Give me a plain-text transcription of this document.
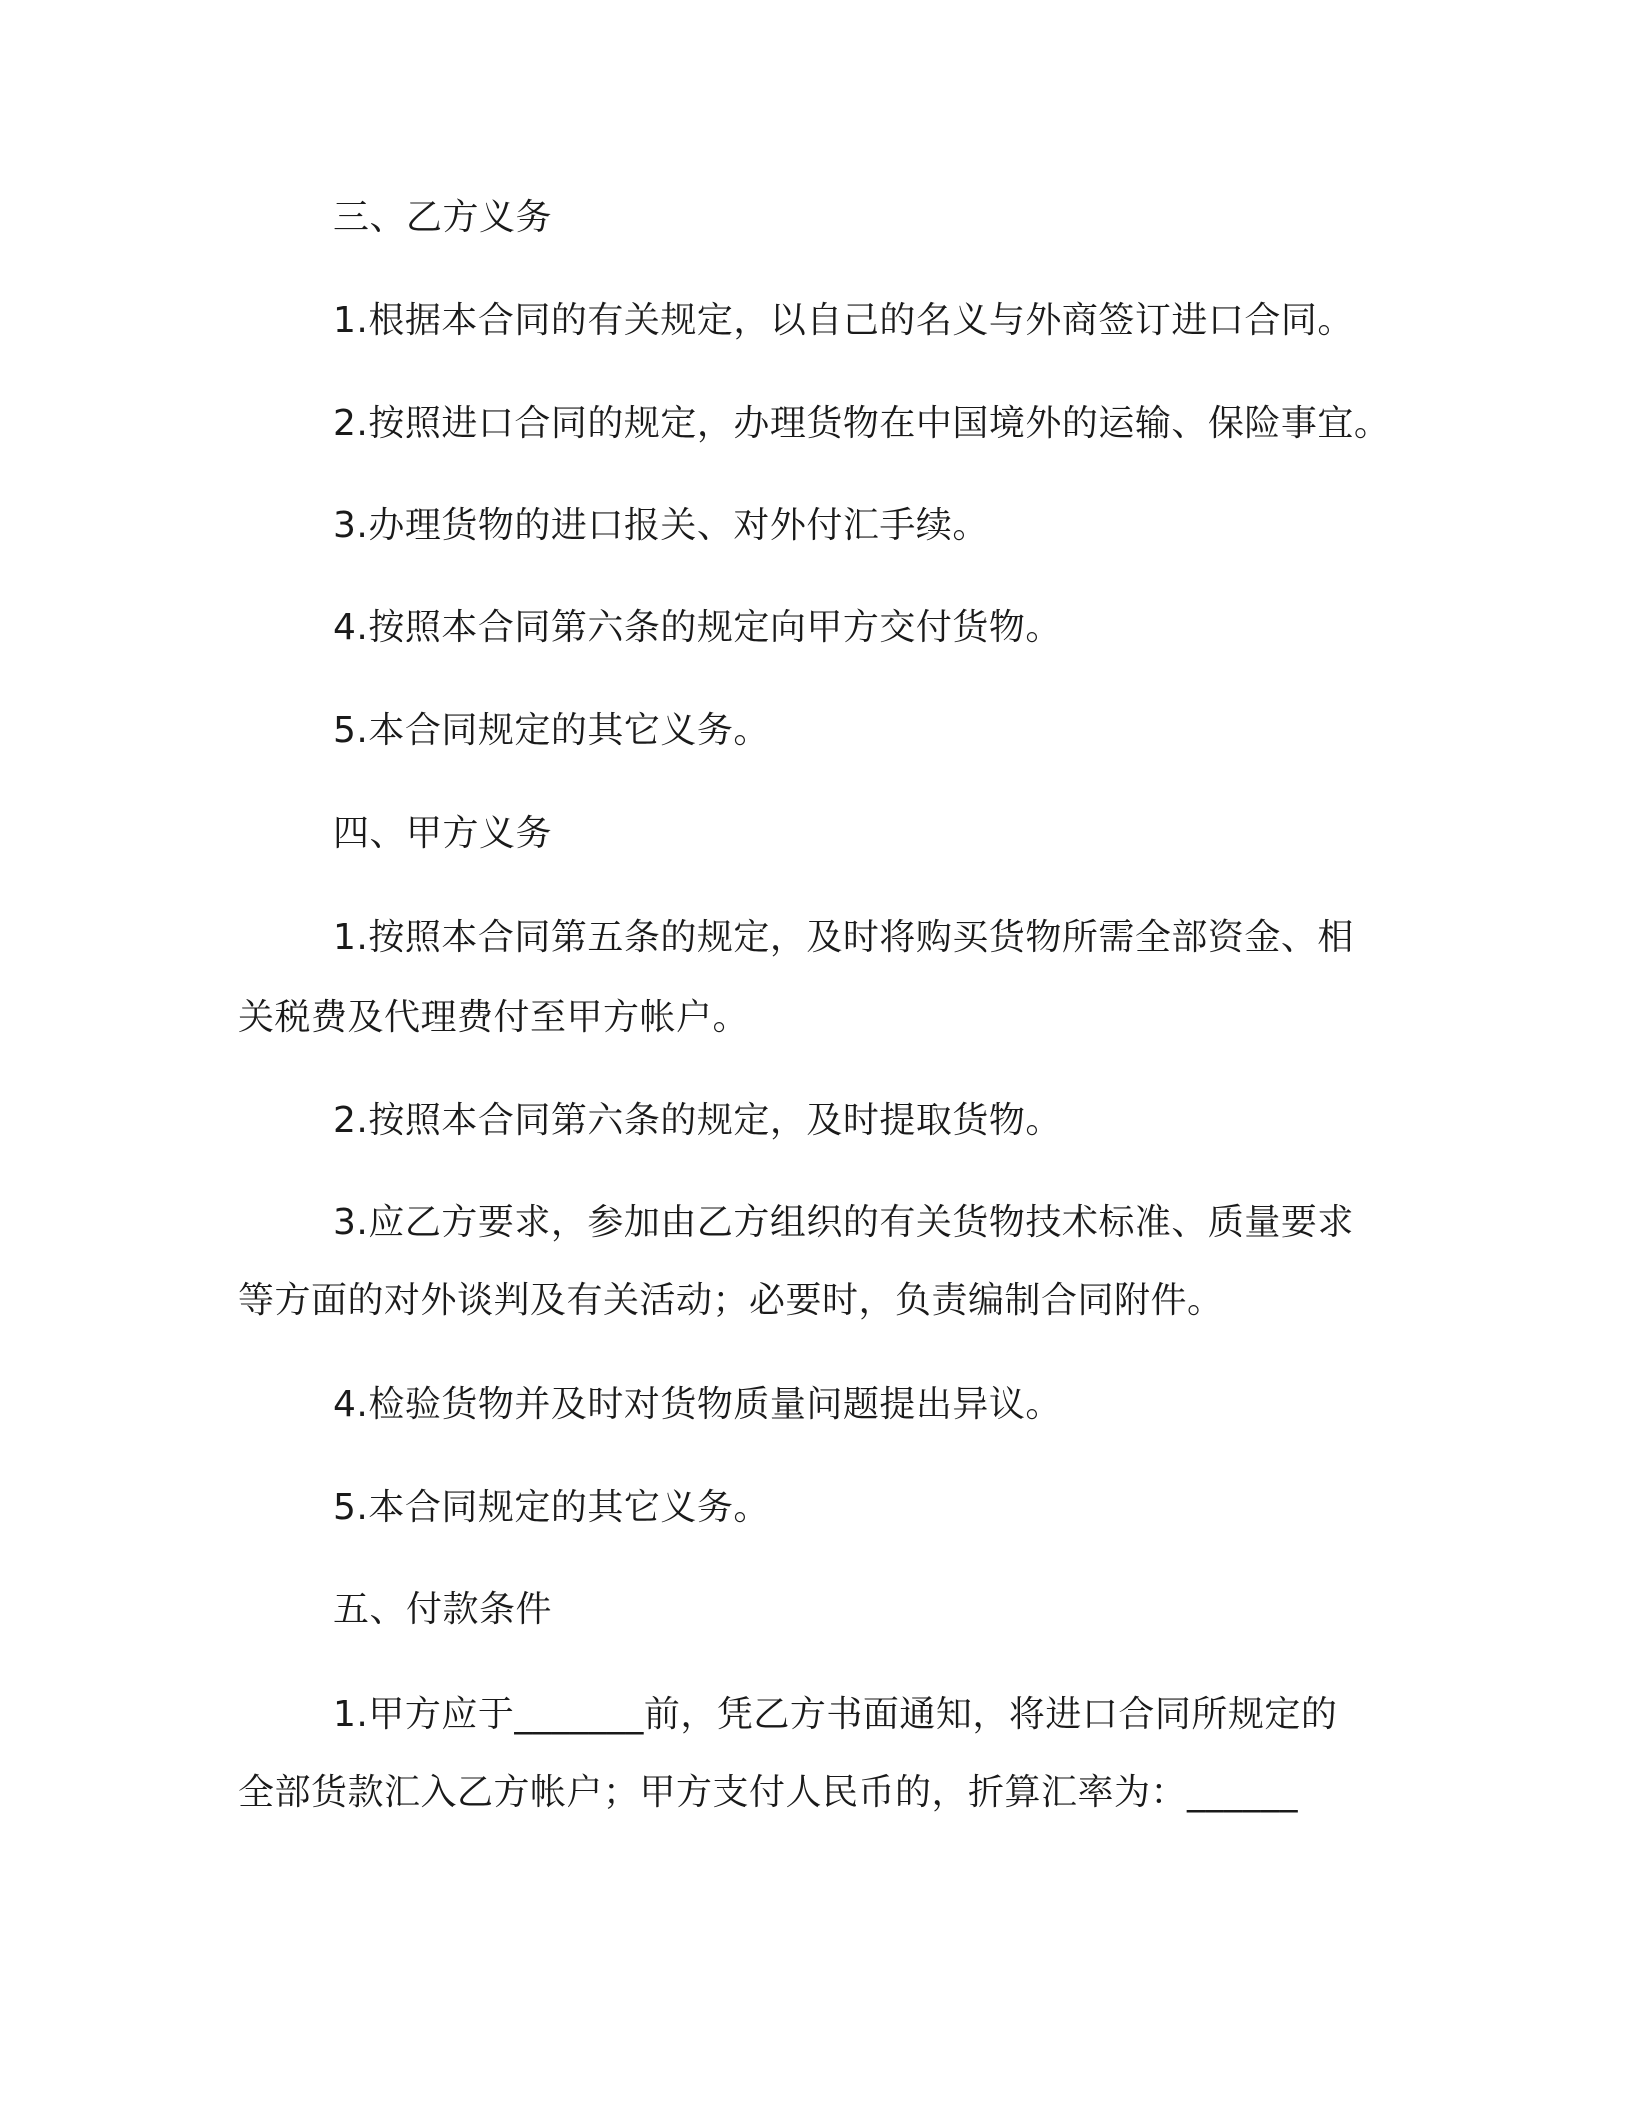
三、乙方义务
1.根据本合同的有关规定，以自己的名义与外商签订进口合同。
2.按照进口合同的规定，办理货物在中国境外的运输、保险事宜。
3.办理货物的进口报关、对外付汇手续。
4.按照本合同第六条的规定向甲方交付货物。
5.本合同规定的其它义务。
四、甲方义务
1.按照本合同第五条的规定，及时将购买货物所需全部资金、相
关税费及代理费付至甲方帐户。
2.按照本合同第六条的规定，及时提取货物。
3.应乙方要求，参加由乙方组织的有关货物技术标准、质量要求
等方面的对外谈判及有关活动；必要时，负责编制合同附件。
4.检验货物并及时对货物质量问题提出异议。
5.本合同规定的其它义务。
五、付款条件
1.甲方应于_______前，凭乙方书面通知，将进口合同所规定的
全部货款汇入乙方帐户；甲方支付人民币的，折算汇率为：______
